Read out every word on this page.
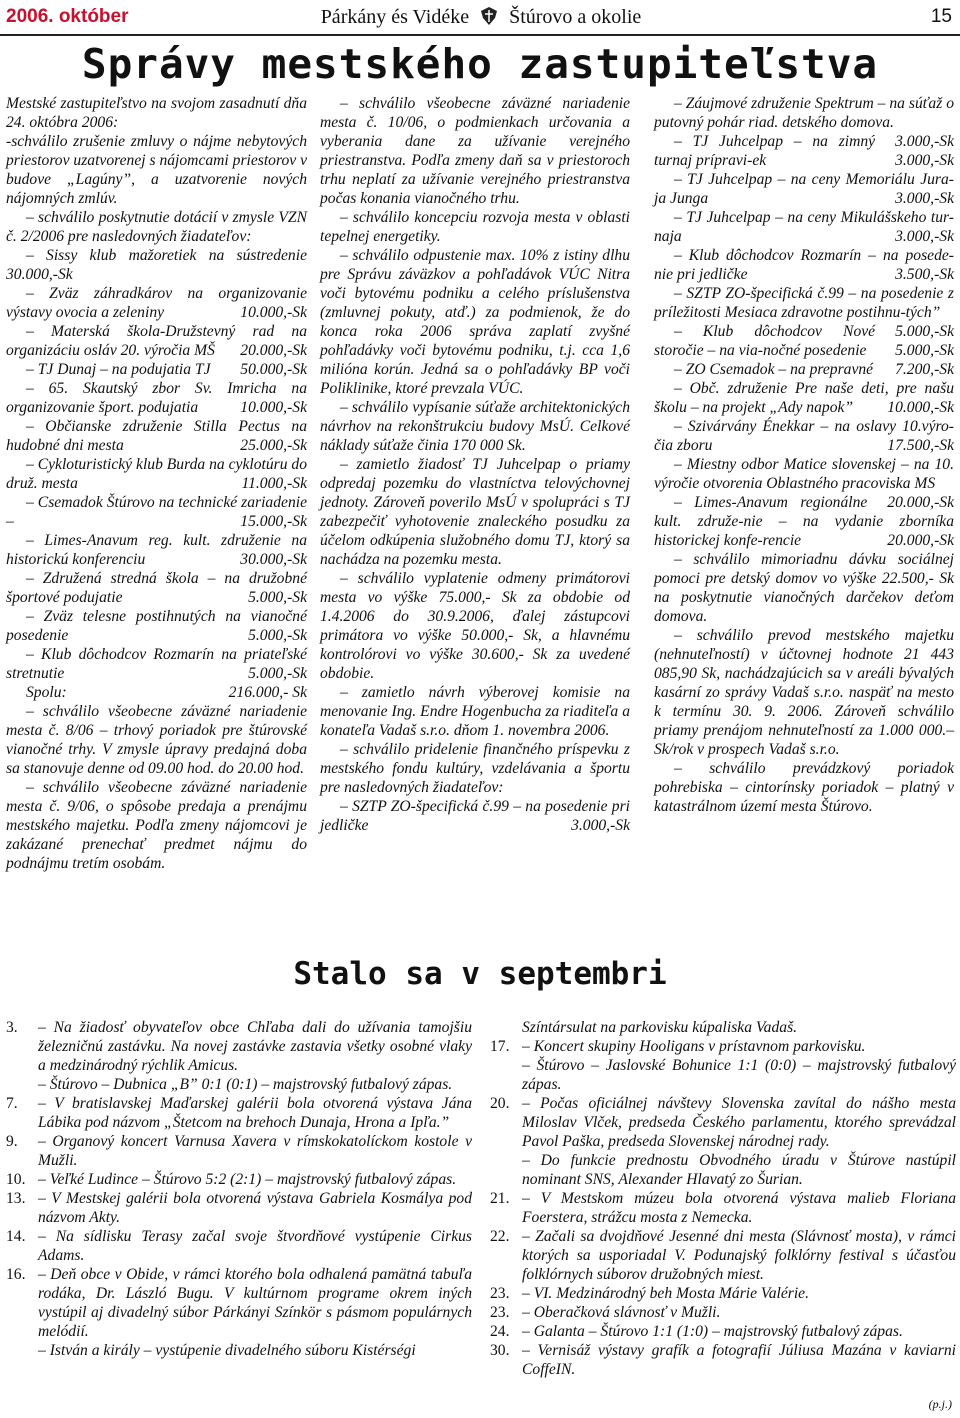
2006. október	Párkány és Vidéke Štúrovo a okolie	15
Správy mestského zastupiteľstva

Mestské zastupiteľstvo na svojom zasadnutí dňa 24. októbra 2006:

-schválilo zrušenie zmluvy o nájme nebytových priestorov uzatvorenej s nájomcami priestorov v budove „Lagúny”, a uzatvorenie nových nájomných zmlúv.

– schválilo poskytnutie dotácií v zmysle VZN č. 2/2006 pre nasledovných žiadateľov:

– Sissy klub mažoretiek na sústredenie 30.000,-Sk

– Zväz záhradkárov na organizovanie výstavy ovocia a zeleniny	10.000,-Sk

– Materská škola-Družstevný rad na organizáciu osláv 20. výročia MŠ	20.000,-Sk

– TJ Dunaj – na podujatia TJ	50.000,-Sk

– 65. Skautský zbor Sv. Imricha na organizovanie šport. podujatia	10.000,-Sk

– Občianske združenie Stilla Pectus na hudobné dni mesta	25.000,-Sk

– Cykloturistický klub Burda na cyklotúru do druž. mesta	11.000,-Sk

– Csemadok Štúrovo na technické zariadenie –	15.000,-Sk

– Limes-Anavum reg. kult. združenie na historickú konferenciu	30.000,-Sk

– Združená stredná škola – na družobné športové podujatie	5.000,-Sk

– Zväz telesne postihnutých na vianočné posedenie	5.000,-Sk

– Klub dôchodcov Rozmarín na priateľské stretnutie	5.000,-Sk

Spolu:	216.000,- Sk

– schválilo všeobecne záväzné nariadenie mesta č. 8/06 – trhový poriadok pre štúrovské vianočné trhy. V zmysle úpravy predajná doba sa stanovuje denne od 09.00 hod. do 20.00 hod.

– schválilo všeobecne záväzné nariadenie mesta č. 9/06, o spôsobe predaja a prenájmu mestského majetku. Podľa zmeny nájomcovi je zakázané prenechať predmet nájmu do podnájmu tretím osobám.

– schválilo všeobecne záväzné nariadenie mesta č. 10/06, o podmienkach určovania a vyberania dane za užívanie verejného priestranstva. Podľa zmeny daň sa v priestoroch trhu neplatí za užívanie verejného priestranstva počas konania vianočného trhu.

– schválilo koncepciu rozvoja mesta v oblasti tepelnej energetiky.

– schválilo odpustenie max. 10% z istiny dlhu pre Správu záväzkov a pohľadávok VÚC Nitra voči bytovému podniku a celého príslušenstva (zmluvnej pokuty, atď.) za podmienok, že do konca roka 2006 správa zaplatí zvyšné pohľadávky voči bytovému podniku, t.j. cca 1,6 milióna korún. Jedná sa o pohľadávky BP voči Poliklinike, ktoré prevzala VÚC.

– schválilo vypísanie súťaže architektonických návrhov na rekonštrukciu budovy MsÚ. Celkové náklady súťaže činia 170 000 Sk.

– zamietlo žiadosť TJ Juhcelpap o priamy odpredaj pozemku do vlastníctva telovýchovnej jednoty. Zároveň poverilo MsÚ v spolupráci s TJ zabezpečiť vyhotovenie znaleckého posudku za účelom odkúpenia služobného domu TJ, ktorý sa nachádza na pozemku mesta.

– schválilo vyplatenie odmeny primátorovi mesta vo výške 75.000,- Sk za obdobie od 1.4.2006 do 30.9.2006, ďalej zástupcovi primátora vo výške 50.000,- Sk, a hlavnému kontrolórovi vo výške 30.600,- Sk za uvedené obdobie.

– zamietlo návrh výberovej komisie na menovanie Ing. Endre Hogenbucha za riaditeľa a konateľa Vadaš s.r.o. dňom 1. novembra 2006.

– schválilo pridelenie finančného príspevku z mestského fondu kultúry, vzdelávania a športu pre nasledovných žiadateľov:

– SZTP ZO-špecifická č.99 – na posedenie pri jedličke	3.000,-Sk

– Záujmové združenie Spektrum – na súťaž o putovný pohár riad. detského domova.
3.000,-Sk

– TJ Juhcelpap – na zimný turnaj prípravi-ek	3.000,-Sk

– TJ Juhcelpap – na ceny Memoriálu Jura-ja Junga	3.000,-Sk

– TJ Juhcelpap – na ceny Mikulášskeho tur-naja	3.000,-Sk

– Klub dôchodcov Rozmarín – na posede-nie pri jedličke	3.500,-Sk

– SZTP ZO-špecifická č.99 – na posedenie z príležitosti Mesiaca zdravotne postihnu-tých”
5.000,-Sk

– Klub dôchodcov Nové storočie – na via-nočné posedenie	5.000,-Sk

– ZO Csemadok – na prepravné	7.200,-Sk

– Obč. združenie Pre naše deti, pre našu školu – na projekt „Ady napok”	10.000,-Sk

– Szivárvány Énekkar – na oslavy 10.výro-čia zboru	17.500,-Sk

– Miestny odbor Matice slovenskej – na 10. výročie otvorenia Oblastného pracoviska MS
20.000,-Sk

– Limes-Anavum regionálne kult. združe-nie – na vydanie zborníka historickej konfe-rencie	20.000,-Sk

– schválilo mimoriadnu dávku sociálnej pomoci pre detský domov vo výške 22.500,- Sk na poskytnutie vianočných darčekov deťom domova.

– schválilo prevod mestského majetku (nehnuteľností) v účtovnej hodnote 21 443 085,90 Sk, nachádzajúcich sa v areáli bývalých kasární zo správy Vadaš s.r.o. naspäť na mesto k termínu 30. 9. 2006. Zároveň schválilo priamy prenájom nehnuteľností za 1.000 000.– Sk/rok v prospech Vadaš s.r.o.

– schválilo prevádzkový poriadok pohrebiska – cintorínsky poriadok – platný v katastrálnom území mesta Štúrovo.

Stalo sa v septembri
3.	– Na žiadosť obyvateľov obce Chľaba dali do užívania tamojšiu železničnú zastávku. Na novej zastávke zastavia všetky osobné vlaky a medzinárodný rýchlik Amicus.
– Štúrovo – Dubnica „B” 0:1 (0:1) – majstrovský futbalový zápas.
7.	– V bratislavskej Maďarskej galérii bola otvorená výstava Jána Lábika pod názvom „Štetcom na brehoch Dunaja, Hrona a Ipľa.”
9.	– Organový koncert Varnusa Xavera v rímskokatolíckom kostole v Mužli.
10. – Veľké Ludince – Štúrovo 5:2 (2:1) – majstrovský futbalový zápas.
13. – V Mestskej galérii bola otvorená výstava Gabriela Kosmálya pod názvom Akty.
14. – Na sídlisku Terasy začal svoje štvordňové vystúpenie Cirkus Adams.
16. – Deň obce v Obide, v rámci ktorého bola odhalená pamätná tabuľa rodáka, Dr. László Bugu. V kultúrnom programe okrem iných vystúpil aj divadelný súbor Párkányi Színkör s pásmom populárnych melódií.
– István a király – vystúpenie divadelného súboru Kistérségi
Színtársulat na parkovisku kúpaliska Vadaš.
17. – Koncert skupiny Hooligans v prístavnom parkovisku.
– Štúrovo – Jaslovské Bohunice 1:1 (0:0) – majstrovský futbalový zápas.
20. – Počas oficiálnej návštevy Slovenska zavítal do nášho mesta Miloslav Vlček, predseda Českého parlamentu, ktorého sprevádzal Pavol Paška, predseda Slovenskej národnej rady.
– Do funkcie prednostu Obvodného úradu v Štúrove nastúpil nominant SNS, Alexander Hlavatý zo Šurian.
21. – V Mestskom múzeu bola otvorená výstava malieb Floriana Foerstera, strážcu mosta z Nemecka.
22. – Začali sa dvojdňové Jesenné dni mesta (Slávnosť mosta), v rámci ktorých sa usporiadal V. Podunajský folklórny festival s účasťou folklórnych súborov družobných miest.
23. – VI. Medzinárodný beh Mosta Márie Valérie.
23. – Oberačková slávnosť v Mužli.
24. – Galanta – Štúrovo 1:1 (1:0) – majstrovský futbalový zápas.
30. – Vernisáž výstavy grafík a fotografií Júliusa Mazána v kaviarni CoffeIN.
(p.j.)
